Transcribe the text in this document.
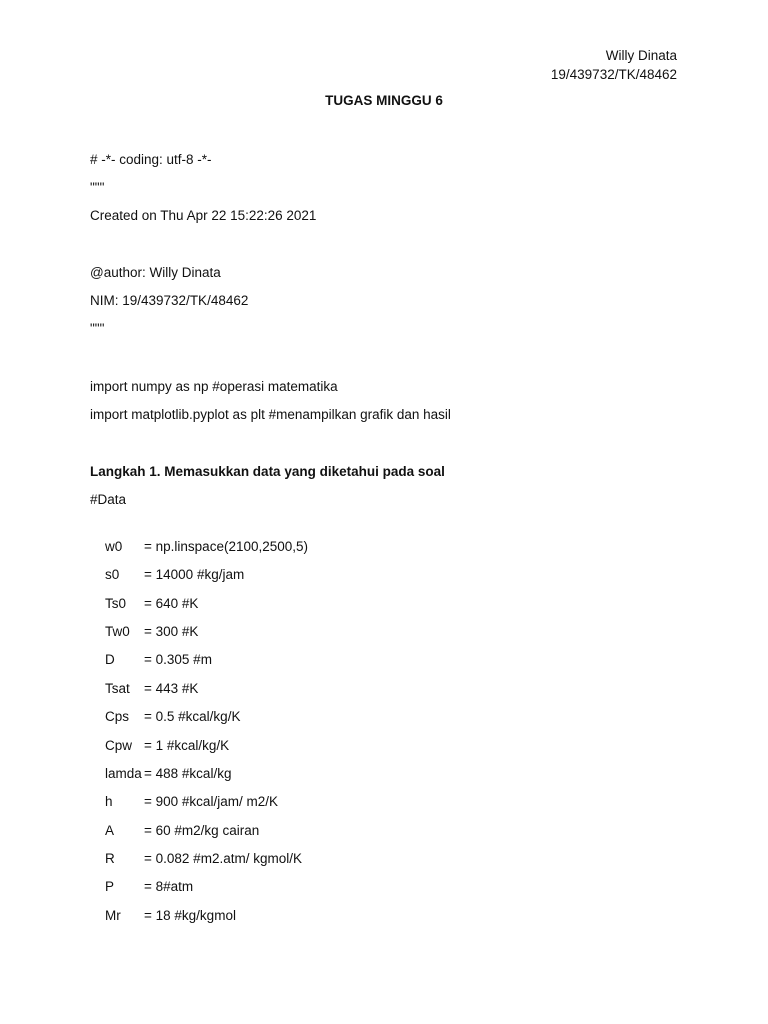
Willy Dinata
19/439732/TK/48462
TUGAS MINGGU 6
# -*- coding: utf-8 -*-
"""
Created on Thu Apr 22 15:22:26 2021
@author: Willy Dinata
NIM: 19/439732/TK/48462
"""
import numpy as np #operasi matematika
import matplotlib.pyplot as plt #menampilkan grafik dan hasil
Langkah 1. Memasukkan data yang diketahui pada soal
#Data

w0 = np.linspace(2100,2500,5)

s0 = 14000 #kg/jam

Ts0 = 640 #K

Tw0 = 300 #K

D = 0.305 #m

Tsat = 443 #K

Cps = 0.5 #kcal/kg/K

Cpw = 1 #kcal/kg/K

lamda = 488 #kcal/kg

h = 900 #kcal/jam/ m2/K

A = 60 #m2/kg cairan

R = 0.082 #m2.atm/ kgmol/K

P = 8#atm

Mr = 18 #kg/kgmol
